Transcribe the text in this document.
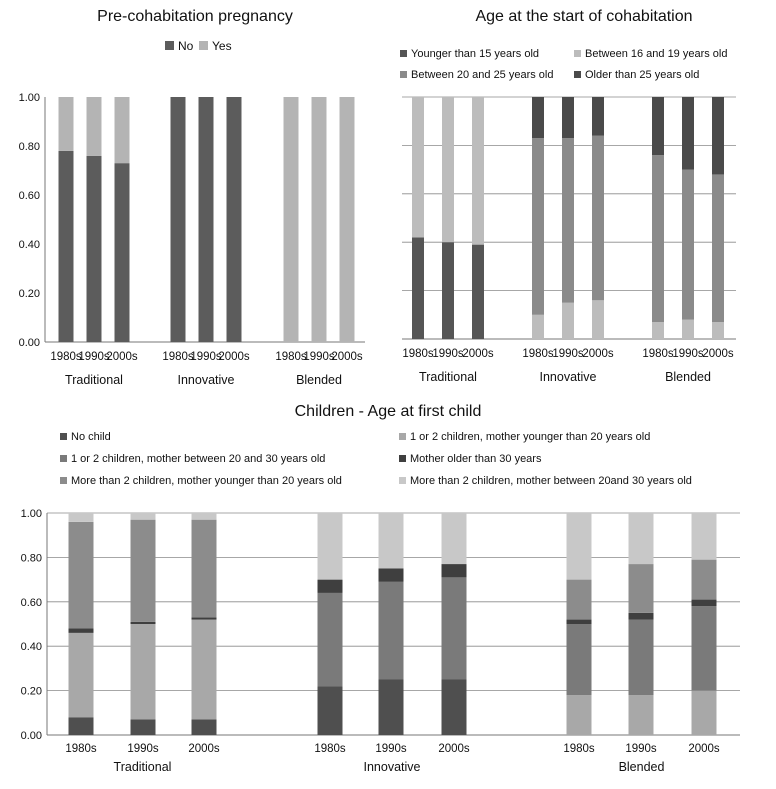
Pre-cohabitation pregnancy
0.00
0.20
0.40
0.60
0.80
1.00
1980s
1990s
2000s
Traditional
1980s
1990s
2000s
Innovative
1980s
1990s
2000s
Blended
No Yes
Age at the start of cohabitation
1980s
1990s
2000s
Traditional
1980s
1990s
2000s
Innovative
1980s
1990s
2000s
Blended
Younger than 15 years old	Between 16 and 19 years old
Between 20 and 25 years old	Older than 25 years old
Children - Age at first child
0.00
0.20
0.40
0.60
0.80
1.00
1980s	1990s	2000s
Traditional
1980s	1990s	2000s
Innovative
1980s	1990s	2000s
Blended
No child	1 or 2 children, mother younger than 20 years old
1 or 2 children, mother between 20 and 30 years old	Mother older than 30 years
More than 2 children, mother younger than 20 years old	More than 2 children, mother between 20and 30 years old
